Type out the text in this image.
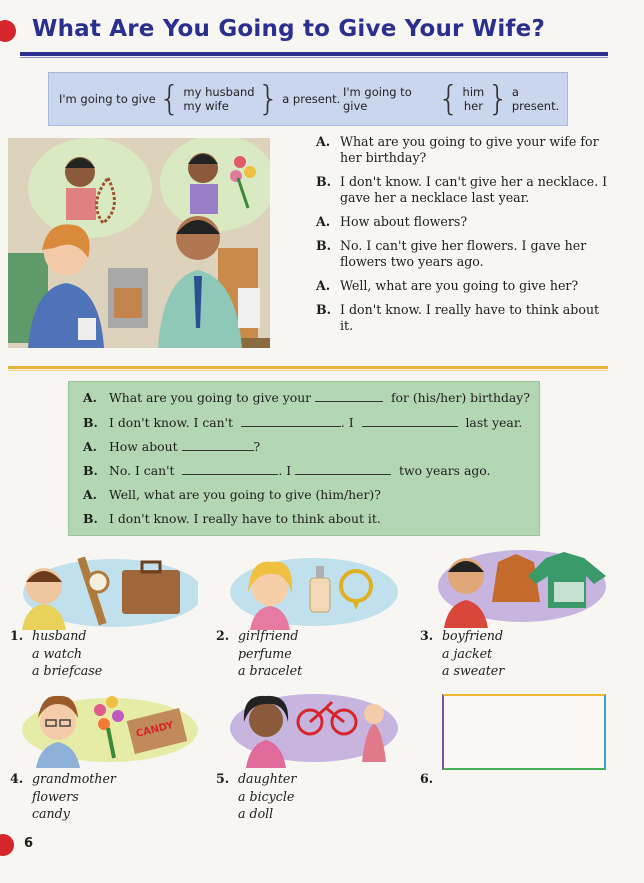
What Are You Going to Give Your Wife?
I'm going to give { my husband
my wife } a present. I'm going to give	{ him
her } a present.
A. What are you going to give your wife for her birthday?
B. I don't know. I can't give her a necklace. I gave her a necklace last year.
A. How about flowers?
B. No. I can't give her flowers. I gave her flowers two years ago.
A. Well, what are you going to give her?
B. I don't know. I really have to think about it.
A. What are you going to give your

	for (his/her) birthday?
B. I don't know. I can't
	. I

	last year.
A. How about
	?
B. No. I can't
	. I

	two years ago.
A. Well, what are you going to give (him/her)?
B. I don't know. I really have to think about it.
CANDY
1. husband
a watch
a briefcase
2. girlfriend
perfume
a bracelet
3. boyfriend
a jacket
a sweater
4. grandmother
flowers
candy
5. daughter
a bicycle
a doll
6.
6
